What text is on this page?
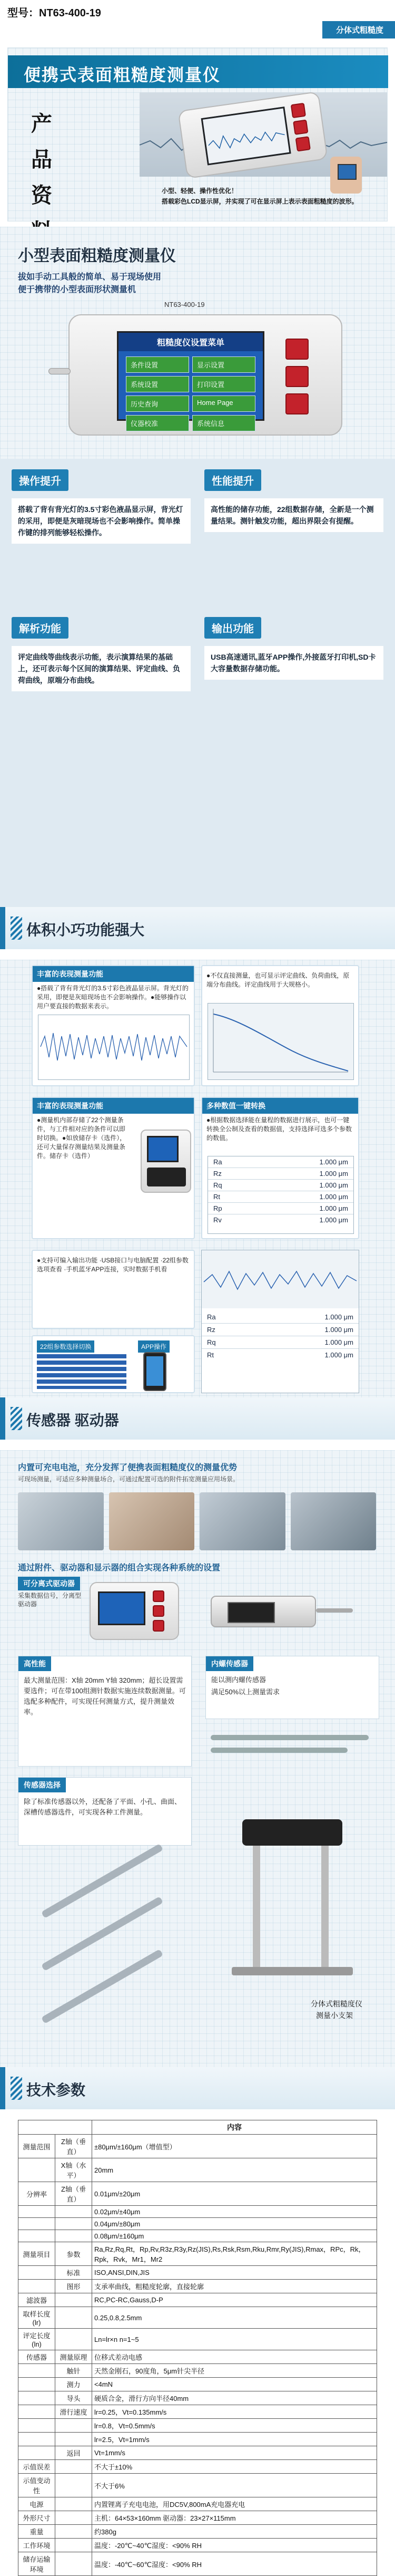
型号：NT63-400-19
分体式粗糙度
便携式表面粗糙度测量仪
产
品
资	小型、轻便、操作性优化！
搭载彩色LCD显示屏，并实现了可在显示屏上表示表面粗糙度的波形。
小型表面粗糙度测量仪
拔如手动工具般的简单、易于现场使用
便于携带的小型表面形状测量机
NT63-400-19
粗糙度仪设置菜单
条件设置	显示设置
系统设置	打印设置
历史查询	Home Page
仪器校准	系统信息
操作提升
搭载了背有背光灯的3.5寸彩色液晶显示屏，背光灯的采用，即便是灰暗现场也不会影响操作。简单操作键的排列能够轻松操作。
性能提升
高性能的储存功能，22组数据存储，全新是一个测量结果。测针触发功能，超出界限会有提醒。
解析功能
评定曲线等曲线表示功能，表示演算结果的基础上，还可表示每个区间的演算结果、评定曲线、负荷曲线，原端分布曲线。
输出功能
USB高速通讯,蓝牙APP操作,外接蓝牙打印机,SD卡大容量数据存储功能。
体积小巧功能强大
丰富的表现测量功能
●搭载了背有背光灯的3.5寸彩色液晶显示屏。背光灯的采用，即便是灰暗现场也不会影响操作。●能够操作以用户要直接的数据来表示。
●不仅直接测量，也可显示评定曲线、负荷曲线，原端分布曲线。评定曲线用于大规格小。
丰富的表现测量功能
●测量机内部存储了22个测量条件，与工件相对应的条件可以即时切换。●如放储存卡（选件），还可大量保存测量结果及测量条件。储存卡（选件）
多种数值一键转换
●根据数据选择能在量程的数据进行展示，也可一键转换全公制及查看的数据值，支持选择可选多个参数的数值。
Ra	1.000 μm
Rz	1.000 μm
Rq	1.000 μm
Rt	1.000 μm
Rp	1.000 μm
Rv	1.000 μm
●支持可编入输出功能 ·USB接口与电脑配置 ·22组参数选项查看 ·手机蓝牙APP连接，实时数据手机看
22组参数选择切换	APP操作
Ra	1.000 μm
Rz	1.000 μm
Rq	1.000 μm
Rt	1.000 μm
传感器 驱动器
内置可充电电池，充分发挥了便携表面粗糙度仪的测量优势
可现场测量，可适应多种测量场合，可通过配置可选的附件拓宽测量应用场景。
通过附件、驱动器和显示器的组合实现各种系统的设置
可分离式驱动器
采集数据信号，分离型驱动器
高性能
最大测量范围：X轴 20mm Y轴 320mm；超长设置需要选件；可在带100组测针数据实施连续数据测量。可选配多种配件，可实现任何测量方式，提升测量效率。
内螺传感器
能以测内螺传感器
满足50%以上测量需求
传感器选择
除了标准传感器以外，还配备了平面、小孔、曲面、深槽传感器选件，可实现各种工件测量。
分体式粗糙度仪
测量小支架
技术参数
		内容
测量范围	Z轴（垂直）	±80μm/±160μm（增值型）
	X轴（水平）	20mm
分辨率	Z轴（垂直）	0.01μm/±20μm
		0.02μm/±40μm
		0.04μm/±80μm
		0.08μm/±160μm
测量项目	参数	Ra,Rz,Rq,Rt，Rp,Rv,R3z,R3y,Rz(JIS),Rs,Rsk,Rsm,Rku,Rmr,Ry(JIS),Rmax，RPc，Rk，Rpk，Rvk，Mr1，Mr2
	标准	ISO,ANSI,DIN,JIS
	图形	支承率曲线，粗糙度轮廓，直接轮廓
滤波器		RC,PC-RC,Gauss,D-P
取样长度(lr)		0.25,0.8,2.5mm
评定长度(ln)		Ln=lr×n n=1~5
传感器	测量原理	位移式差动电感
	触针	天然金刚石，90度角，5μm针尖半径
	测力	<4mN
	导头	硬质合金，滑行方向半径40mm
	滑行速度	lr=0.25，Vt=0.135mm/s
		lr=0.8，Vt=0.5mm/s
		lr=2.5，Vt=1mm/s
	返回	Vt=1mm/s
示值误差		不大于±10%
示值变动性		不大于6%
电源		内置锂离子充电电池，用DC5V,800mA充电器充电
外形尺寸		主机：64×53×160mm 驱动器：23×27×115mm
重量		约380g
工作环境		温度：-20℃~40℃湿度：<90% RH
储存运输环境		温度：-40℃~60℃湿度：<90% RH
